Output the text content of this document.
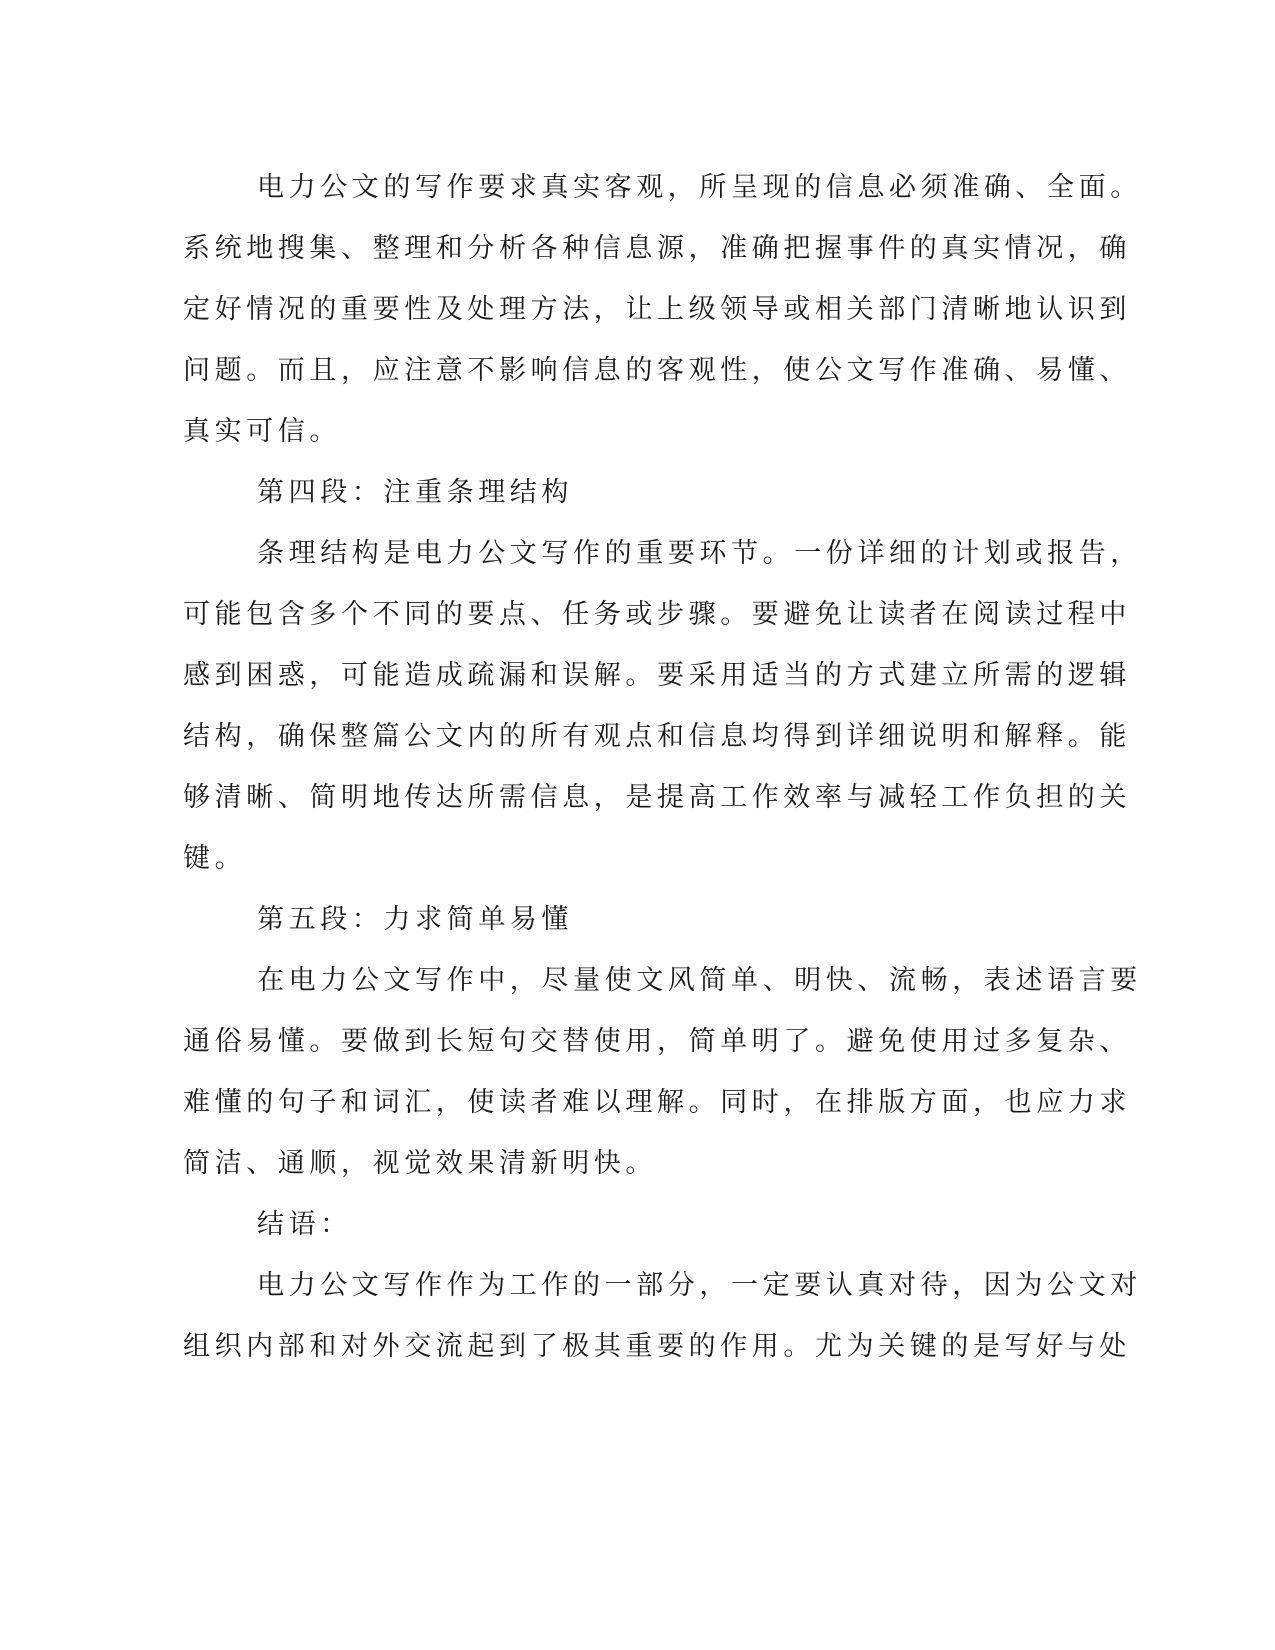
电力公文的写作要求真实客观，所呈现的信息必须准确、全面。
系统地搜集、整理和分析各种信息源，准确把握事件的真实情况，确
定好情况的重要性及处理方法，让上级领导或相关部门清晰地认识到
问题。而且，应注意不影响信息的客观性，使公文写作准确、易懂、
真实可信。
第四段：注重条理结构
条理结构是电力公文写作的重要环节。一份详细的计划或报告，
可能包含多个不同的要点、任务或步骤。要避免让读者在阅读过程中
感到困惑，可能造成疏漏和误解。要采用适当的方式建立所需的逻辑
结构，确保整篇公文内的所有观点和信息均得到详细说明和解释。能
够清晰、简明地传达所需信息，是提高工作效率与减轻工作负担的关
键。
第五段：力求简单易懂
在电力公文写作中，尽量使文风简单、明快、流畅，表述语言要
通俗易懂。要做到长短句交替使用，简单明了。避免使用过多复杂、
难懂的句子和词汇，使读者难以理解。同时，在排版方面，也应力求
简洁、通顺，视觉效果清新明快。
结语：
电力公文写作作为工作的一部分，一定要认真对待，因为公文对
组织内部和对外交流起到了极其重要的作用。尤为关键的是写好与处
